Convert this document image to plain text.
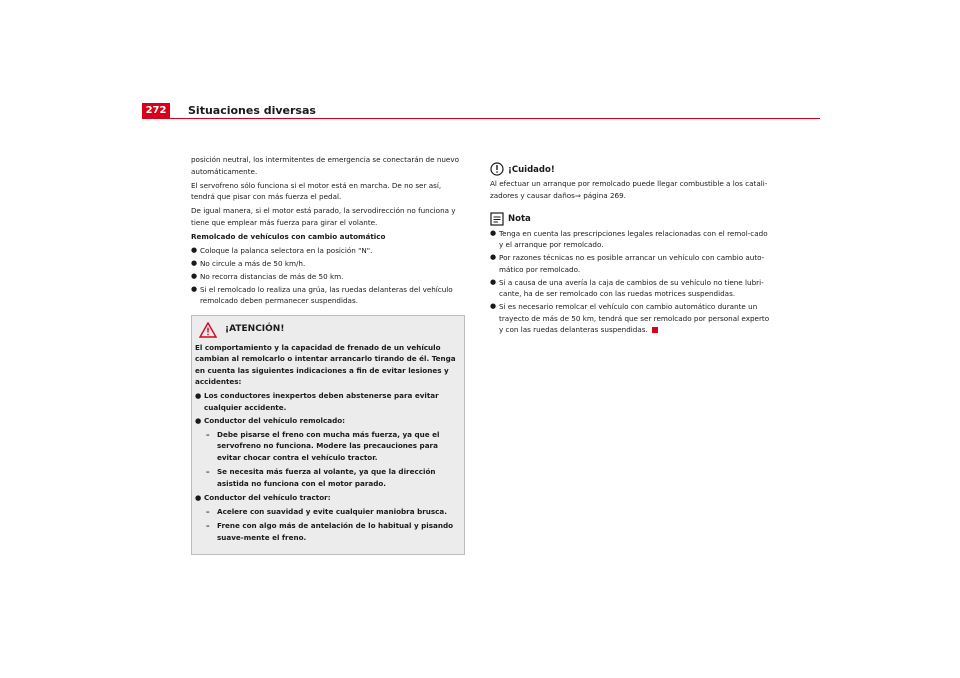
272	Situaciones diversas

posición neutral, los intermitentes de emergencia se conectarán de nuevo automáticamente.

El servofreno sólo funciona si el motor está en marcha. De no ser así, tendrá que pisar con más fuerza el pedal.

De igual manera, si el motor está parado, la servodirección no funciona y tiene que emplear más fuerza para girar el volante.

Remolcado de vehículos con cambio automático

● Coloque la palanca selectora en la posición "N".
● No circule a más de 50 km/h.
● No recorra distancias de más de 50 km.
● Si el remolcado lo realiza una grúa, las ruedas delanteras del vehículo remolcado deben permanecer suspendidas.
¡ATENCIÓN!

El comportamiento y la capacidad de frenado de un vehículo cambian al remolcarlo o intentar arrancarlo tirando de él. Tenga en cuenta las siguientes indicaciones a fin de evitar lesiones y accidentes:

● Los conductores inexpertos deben abstenerse para evitar cualquier accidente.
● Conductor del vehículo remolcado:
– Debe pisarse el freno con mucha más fuerza, ya que el servofreno no funciona. Modere las precauciones para evitar chocar contra el vehículo tractor.
– Se necesita más fuerza al volante, ya que la dirección asistida no funciona con el motor parado.
● Conductor del vehículo tractor:
– Acelere con suavidad y evite cualquier maniobra brusca.
– Frene con algo más de antelación de lo habitual y pisando suave-mente el freno.
¡Cuidado!

Al efectuar un arranque por remolcado puede llegar combustible a los catali-zadores y causar daños⇒ página 269.

Nota
● Tenga en cuenta las prescripciones legales relacionadas con el remol-cado y el arranque por remolcado.
● Por razones técnicas no es posible arrancar un vehículo con cambio auto-mático por remolcado.
● Si a causa de una avería la caja de cambios de su vehículo no tiene lubri-cante, ha de ser remolcado con las ruedas motrices suspendidas.
● Si es necesario remolcar el vehículo con cambio automático durante un trayecto de más de 50 km, tendrá que ser remolcado por personal experto y con las ruedas delanteras suspendidas.
